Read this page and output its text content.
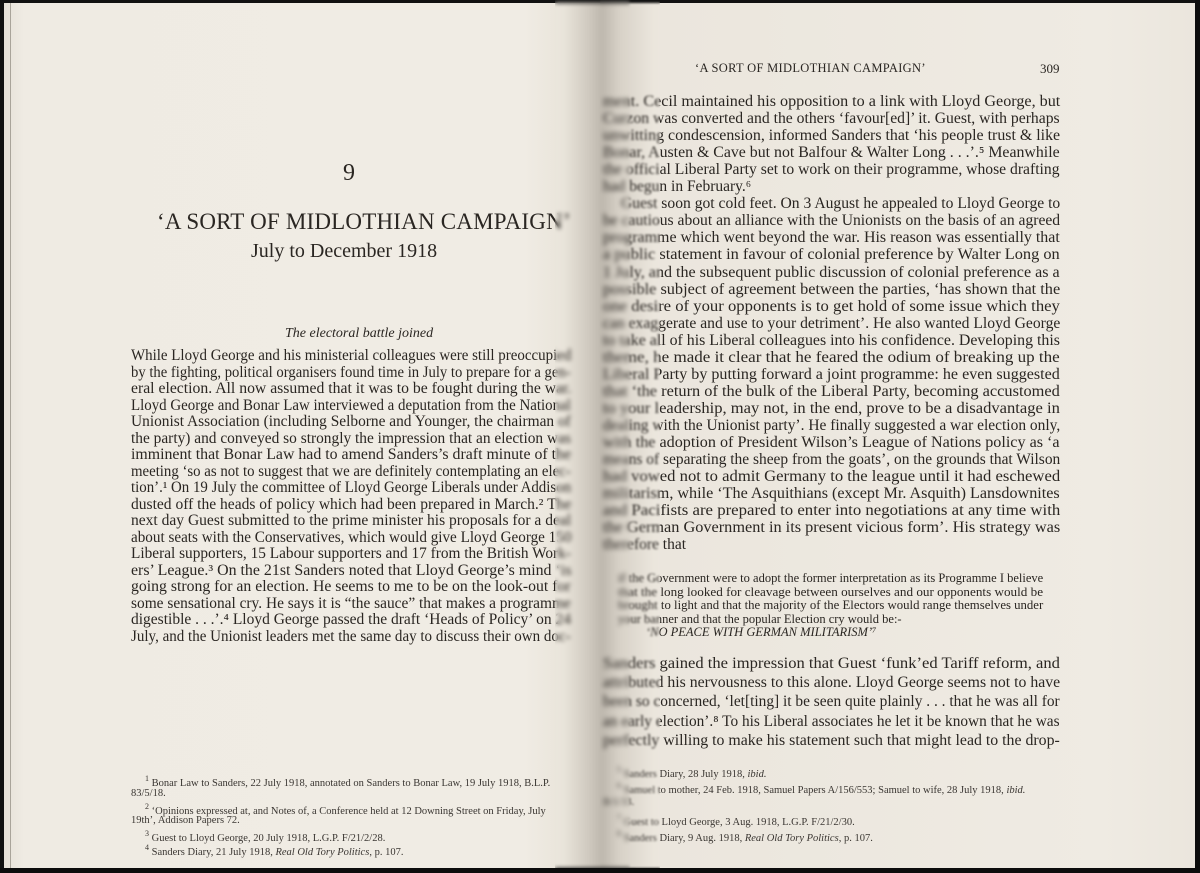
9
‘A SORT OF MIDLOTHIAN CAMPAIGN’
July to December 1918
The electoral battle joined
While Lloyd George and his ministerial colleagues were still preoccupied
by the fighting, political organisers found time in July to prepare for a gen-
eral election. All now assumed that it was to be fought during the war.
Lloyd George and Bonar Law interviewed a deputation from the National
Unionist Association (including Selborne and Younger, the chairman of
the party) and conveyed so strongly the impression that an election was
imminent that Bonar Law had to amend Sanders’s draft minute of the
meeting ‘so as not to suggest that we are definitely contemplating an elec-
tion’.¹ On 19 July the committee of Lloyd George Liberals under Addison
dusted off the heads of policy which had been prepared in March.² The
next day Guest submitted to the prime minister his proposals for a deal
about seats with the Conservatives, which would give Lloyd George 150
Liberal supporters, 15 Labour supporters and 17 from the British Work-
ers’ League.³ On the 21st Sanders noted that Lloyd George’s mind ‘is
going strong for an election. He seems to me to be on the look-out for
some sensational cry. He says it is “the sauce” that makes a programme
digestible . . .’.⁴ Lloyd George passed the draft ‘Heads of Policy’ on 24
July, and the Unionist leaders met the same day to discuss their own doc-
$^1$ Bonar Law to Sanders, 22 July 1918, annotated on Sanders to Bonar Law, 19 July 1918, B.L.P.
83/5/18.
$^2$ ‘Opinions expressed at, and Notes of, a Conference held at 12 Downing Street on Friday, July
19th’, Addison Papers 72.
$^3$ Guest to Lloyd George, 20 July 1918, L.G.P. F/21/2/28.
$^4$ Sanders Diary, 21 July 1918, Real Old Tory Politics, p. 107.
‘A SORT OF MIDLOTHIAN CAMPAIGN’	309
ment. Cecil maintained his opposition to a link with Lloyd George, but
Curzon was converted and the others ‘favour[ed]’ it. Guest, with perhaps
unwitting condescension, informed Sanders that ‘his people trust & like
Bonar, Austen & Cave but not Balfour & Walter Long . . .’.⁵ Meanwhile
the official Liberal Party set to work on their programme, whose drafting
had begun in February.⁶
Guest soon got cold feet. On 3 August he appealed to Lloyd George to
be cautious about an alliance with the Unionists on the basis of an agreed
programme which went beyond the war. His reason was essentially that
a public statement in favour of colonial preference by Walter Long on
1 July, and the subsequent public discussion of colonial preference as a
possible subject of agreement between the parties, ‘has shown that the
one desire of your opponents is to get hold of some issue which they
can exaggerate and use to your detriment’. He also wanted Lloyd George
to take all of his Liberal colleagues into his confidence. Developing this
theme, he made it clear that he feared the odium of breaking up the
Liberal Party by putting forward a joint programme: he even suggested
that ‘the return of the bulk of the Liberal Party, becoming accustomed
to your leadership, may not, in the end, prove to be a disadvantage in
dealing with the Unionist party’. He finally suggested a war election only,
with the adoption of President Wilson’s League of Nations policy as ‘a
means of separating the sheep from the goats’, on the grounds that Wilson
had vowed not to admit Germany to the league until it had eschewed
militarism, while ‘The Asquithians (except Mr. Asquith) Lansdownites
and Pacifists are prepared to enter into negotiations at any time with
the German Government in its present vicious form’. His strategy was
therefore that
if the Government were to adopt the former interpretation as its Programme I believe
that the long looked for cleavage between ourselves and our opponents would be
brought to light and that the majority of the Electors would range themselves under
your banner and that the popular Election cry would be:-
‘NO PEACE WITH GERMAN MILITARISM’⁷
Sanders gained the impression that Guest ‘funk’ed Tariff reform, and
attributed his nervousness to this alone. Lloyd George seems not to have
been so concerned, ‘let[ting] it be seen quite plainly . . . that he was all for
an early election’.⁸ To his Liberal associates he let it be known that he was
perfectly willing to make his statement such that might lead to the drop-
$^5$ Sanders Diary, 28 July 1918, ibid.
$^6$ Samuel to mother, 24 Feb. 1918, Samuel Papers A/156/553; Samuel to wife, 28 July 1918, ibid.
B/1/33.
$^7$ Guest to Lloyd George, 3 Aug. 1918, L.G.P. F/21/2/30.
$^8$ Sanders Diary, 9 Aug. 1918, Real Old Tory Politics, p. 107.
